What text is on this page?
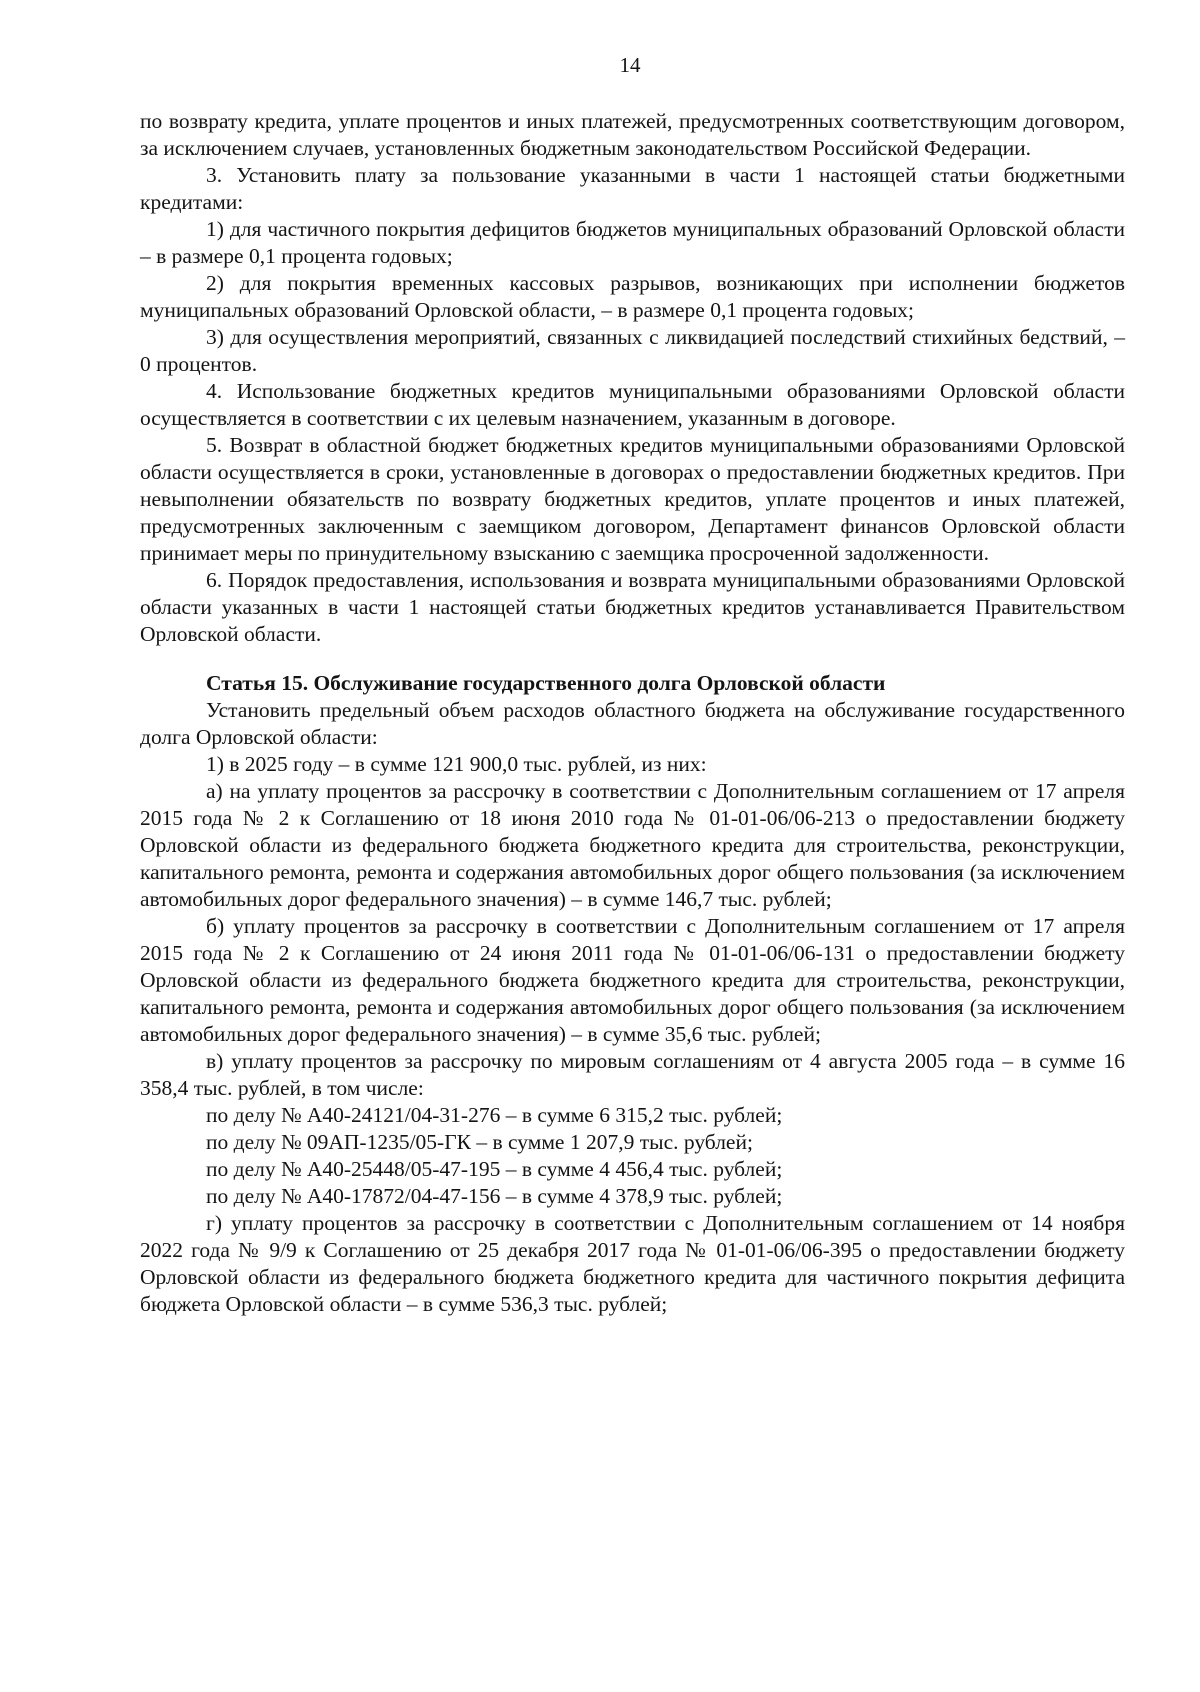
14

по возврату кредита, уплате процентов и иных платежей, предусмотренных соответствующим договором, за исключением случаев, установленных бюджетным законодательством Российской Федерации.

3. Установить плату за пользование указанными в части 1 настоящей статьи бюджетными кредитами:

1) для частичного покрытия дефицитов бюджетов муниципальных образований Орловской области – в размере 0,1 процента годовых;

2) для покрытия временных кассовых разрывов, возникающих при исполнении бюджетов муниципальных образований Орловской области, – в размере 0,1 процента годовых;

3) для осуществления мероприятий, связанных с ликвидацией последствий стихийных бедствий, – 0 процентов.

4. Использование бюджетных кредитов муниципальными образованиями Орловской области осуществляется в соответствии с их целевым назначением, указанным в договоре.

5. Возврат в областной бюджет бюджетных кредитов муниципальными образованиями Орловской области осуществляется в сроки, установленные в договорах о предоставлении бюджетных кредитов. При невыполнении обязательств по возврату бюджетных кредитов, уплате процентов и иных платежей, предусмотренных заключенным с заемщиком договором, Департамент финансов Орловской области принимает меры по принудительному взысканию с заемщика просроченной задолженности.

6. Порядок предоставления, использования и возврата муниципальными образованиями Орловской области указанных в части 1 настоящей статьи бюджетных кредитов устанавливается Правительством Орловской области.

Статья 15. Обслуживание государственного долга Орловской области

Установить предельный объем расходов областного бюджета на обслуживание государственного долга Орловской области:

1) в 2025 году – в сумме 121 900,0 тыс. рублей, из них:

а) на уплату процентов за рассрочку в соответствии с Дополнительным соглашением от 17 апреля 2015 года № 2 к Соглашению от 18 июня 2010 года № 01-01-06/06-213 о предоставлении бюджету Орловской области из федерального бюджета бюджетного кредита для строительства, реконструкции, капитального ремонта, ремонта и содержания автомобильных дорог общего пользования (за исключением автомобильных дорог федерального значения) – в сумме 146,7 тыс. рублей;

б) уплату процентов за рассрочку в соответствии с Дополнительным соглашением от 17 апреля 2015 года № 2 к Соглашению от 24 июня 2011 года № 01-01-06/06-131 о предоставлении бюджету Орловской области из федерального бюджета бюджетного кредита для строительства, реконструкции, капитального ремонта, ремонта и содержания автомобильных дорог общего пользования (за исключением автомобильных дорог федерального значения) – в сумме 35,6 тыс. рублей;

в) уплату процентов за рассрочку по мировым соглашениям от 4 августа 2005 года – в сумме 16 358,4 тыс. рублей, в том числе:

по делу № А40-24121/04-31-276 – в сумме 6 315,2 тыс. рублей;

по делу № 09АП-1235/05-ГК – в сумме 1 207,9 тыс. рублей;

по делу № А40-25448/05-47-195 – в сумме 4 456,4 тыс. рублей;

по делу № А40-17872/04-47-156 – в сумме 4 378,9 тыс. рублей;

г) уплату процентов за рассрочку в соответствии с Дополнительным соглашением от 14 ноября 2022 года № 9/9 к Соглашению от 25 декабря 2017 года № 01-01-06/06-395 о предоставлении бюджету Орловской области из федерального бюджета бюджетного кредита для частичного покрытия дефицита бюджета Орловской области – в сумме 536,3 тыс. рублей;
